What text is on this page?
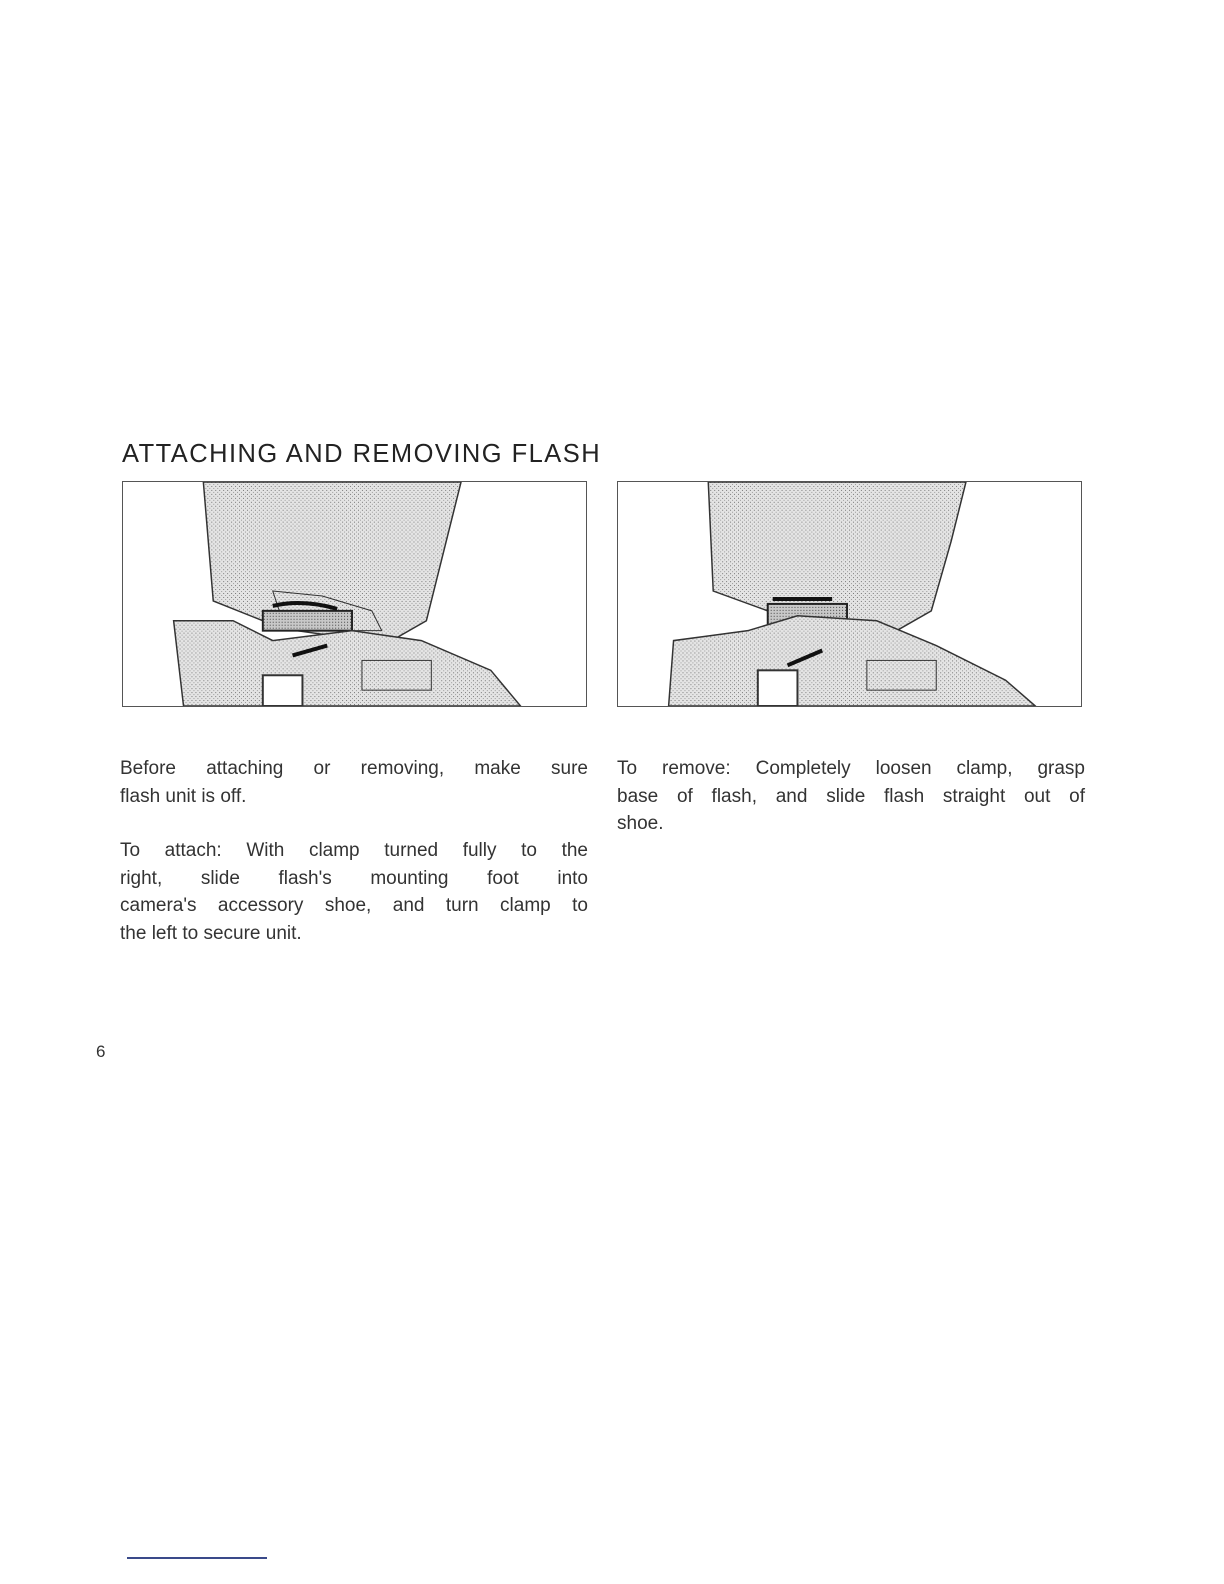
ATTACHING AND REMOVING FLASH
Before attaching or removing, make sure
flash unit is off.
To attach: With clamp turned fully to the
right, slide flash's mounting foot into
camera's accessory shoe, and turn clamp to
the left to secure unit.
To remove: Completely loosen clamp, grasp
base of flash, and slide flash straight out of
shoe.
6
